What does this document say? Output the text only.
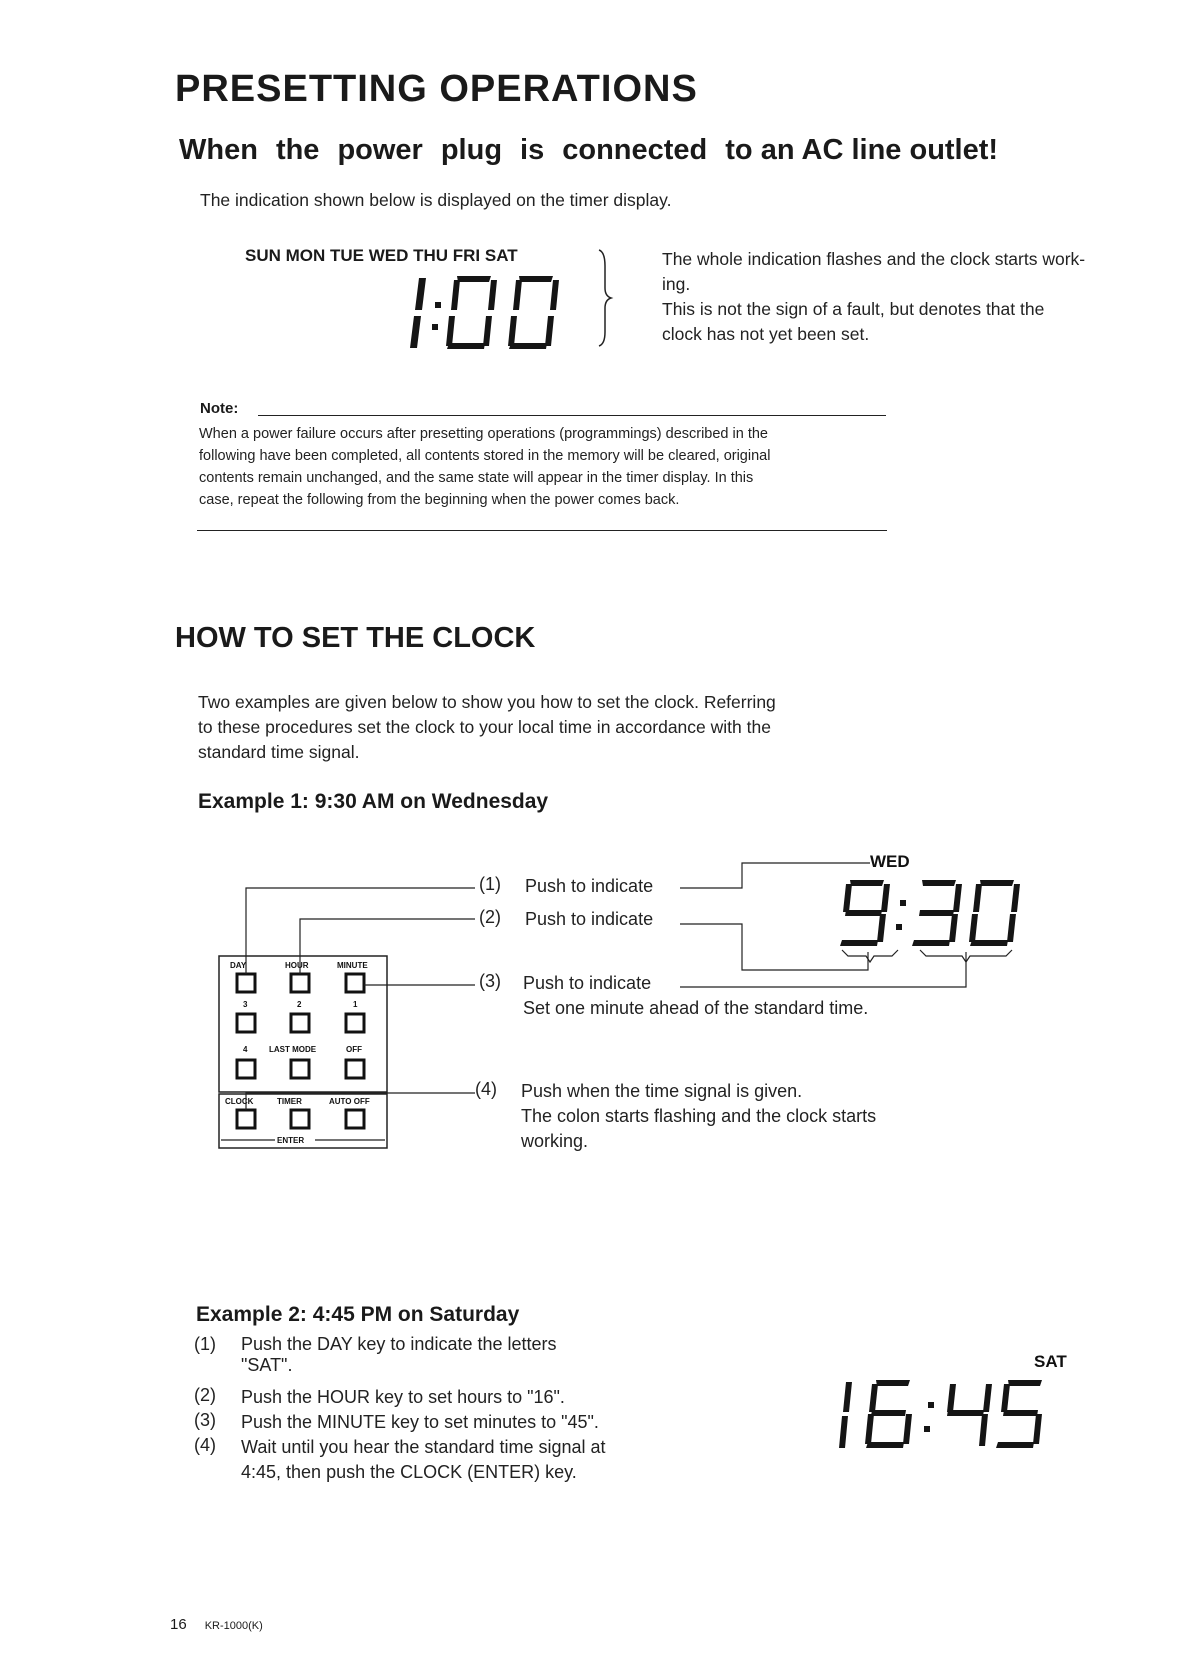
PRESETTING OPERATIONS
When the power plug is connected to an AC line outlet!
The indication shown below is displayed on the timer display.
SUN MON TUE WED THU FRI SAT	The whole indication flashes and the clock starts work-
ing.
This is not the sign of a fault, but denotes that the
clock has not yet been set.
Note:
When a power failure occurs after presetting operations (programmings) described in the
following have been completed, all contents stored in the memory will be cleared, original
contents remain unchanged, and the same state will appear in the timer display. In this
case, repeat the following from the beginning when the power comes back.
HOW TO SET THE CLOCK
Two examples are given below to show you how to set the clock. Referring
to these procedures set the clock to your local time in accordance with the
standard time signal.
Example 1: 9:30 AM on Wednesday
DAY	HOUR	MINUTE
3	2	1
4	LAST MODE	OFF
CLOCK	TIMER	AUTO OFF
ENTER
(1) Push to indicate
(2) Push to indicate
(3) Push to indicate
Set one minute ahead of the standard time.
(4) Push when the time signal is given.
The colon starts flashing and the clock starts
working.
WED
Example 2: 4:45 PM on Saturday
(1) Push the DAY key to indicate the letters
"SAT".
(2) Push the HOUR key to set hours to "16".
(3) Push the MINUTE key to set minutes to "45".
(4) Wait until you hear the standard time signal at
4:45, then push the CLOCK (ENTER) key.
SAT
16 KR-1000(K)
